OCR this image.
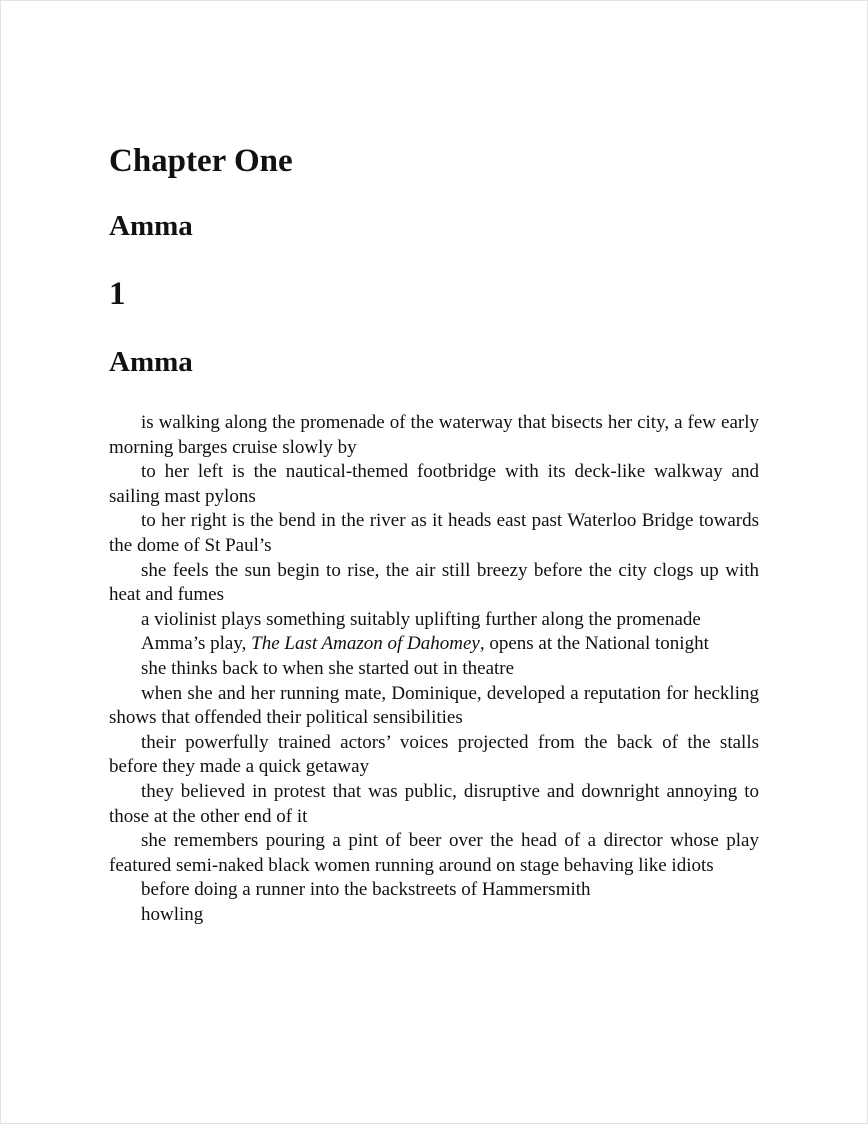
Chapter One
Amma
1
Amma

is walking along the promenade of the waterway that bisects her city, a few early morning barges cruise slowly by

to her left is the nautical-themed footbridge with its deck-like walkway and sailing mast pylons

to her right is the bend in the river as it heads east past Waterloo Bridge towards the dome of St Paul’s

she feels the sun begin to rise, the air still breezy before the city clogs up with heat and fumes

a violinist plays something suitably uplifting further along the promenade

Amma’s play, The Last Amazon of Dahomey, opens at the National tonight

she thinks back to when she started out in theatre

when she and her running mate, Dominique, developed a reputation for heckling shows that offended their political sensibilities

their powerfully trained actors’ voices projected from the back of the stalls before they made a quick getaway

they believed in protest that was public, disruptive and downright annoying to those at the other end of it

she remembers pouring a pint of beer over the head of a director whose play featured semi-naked black women running around on stage behaving like idiots

before doing a runner into the backstreets of Hammersmith

howling
